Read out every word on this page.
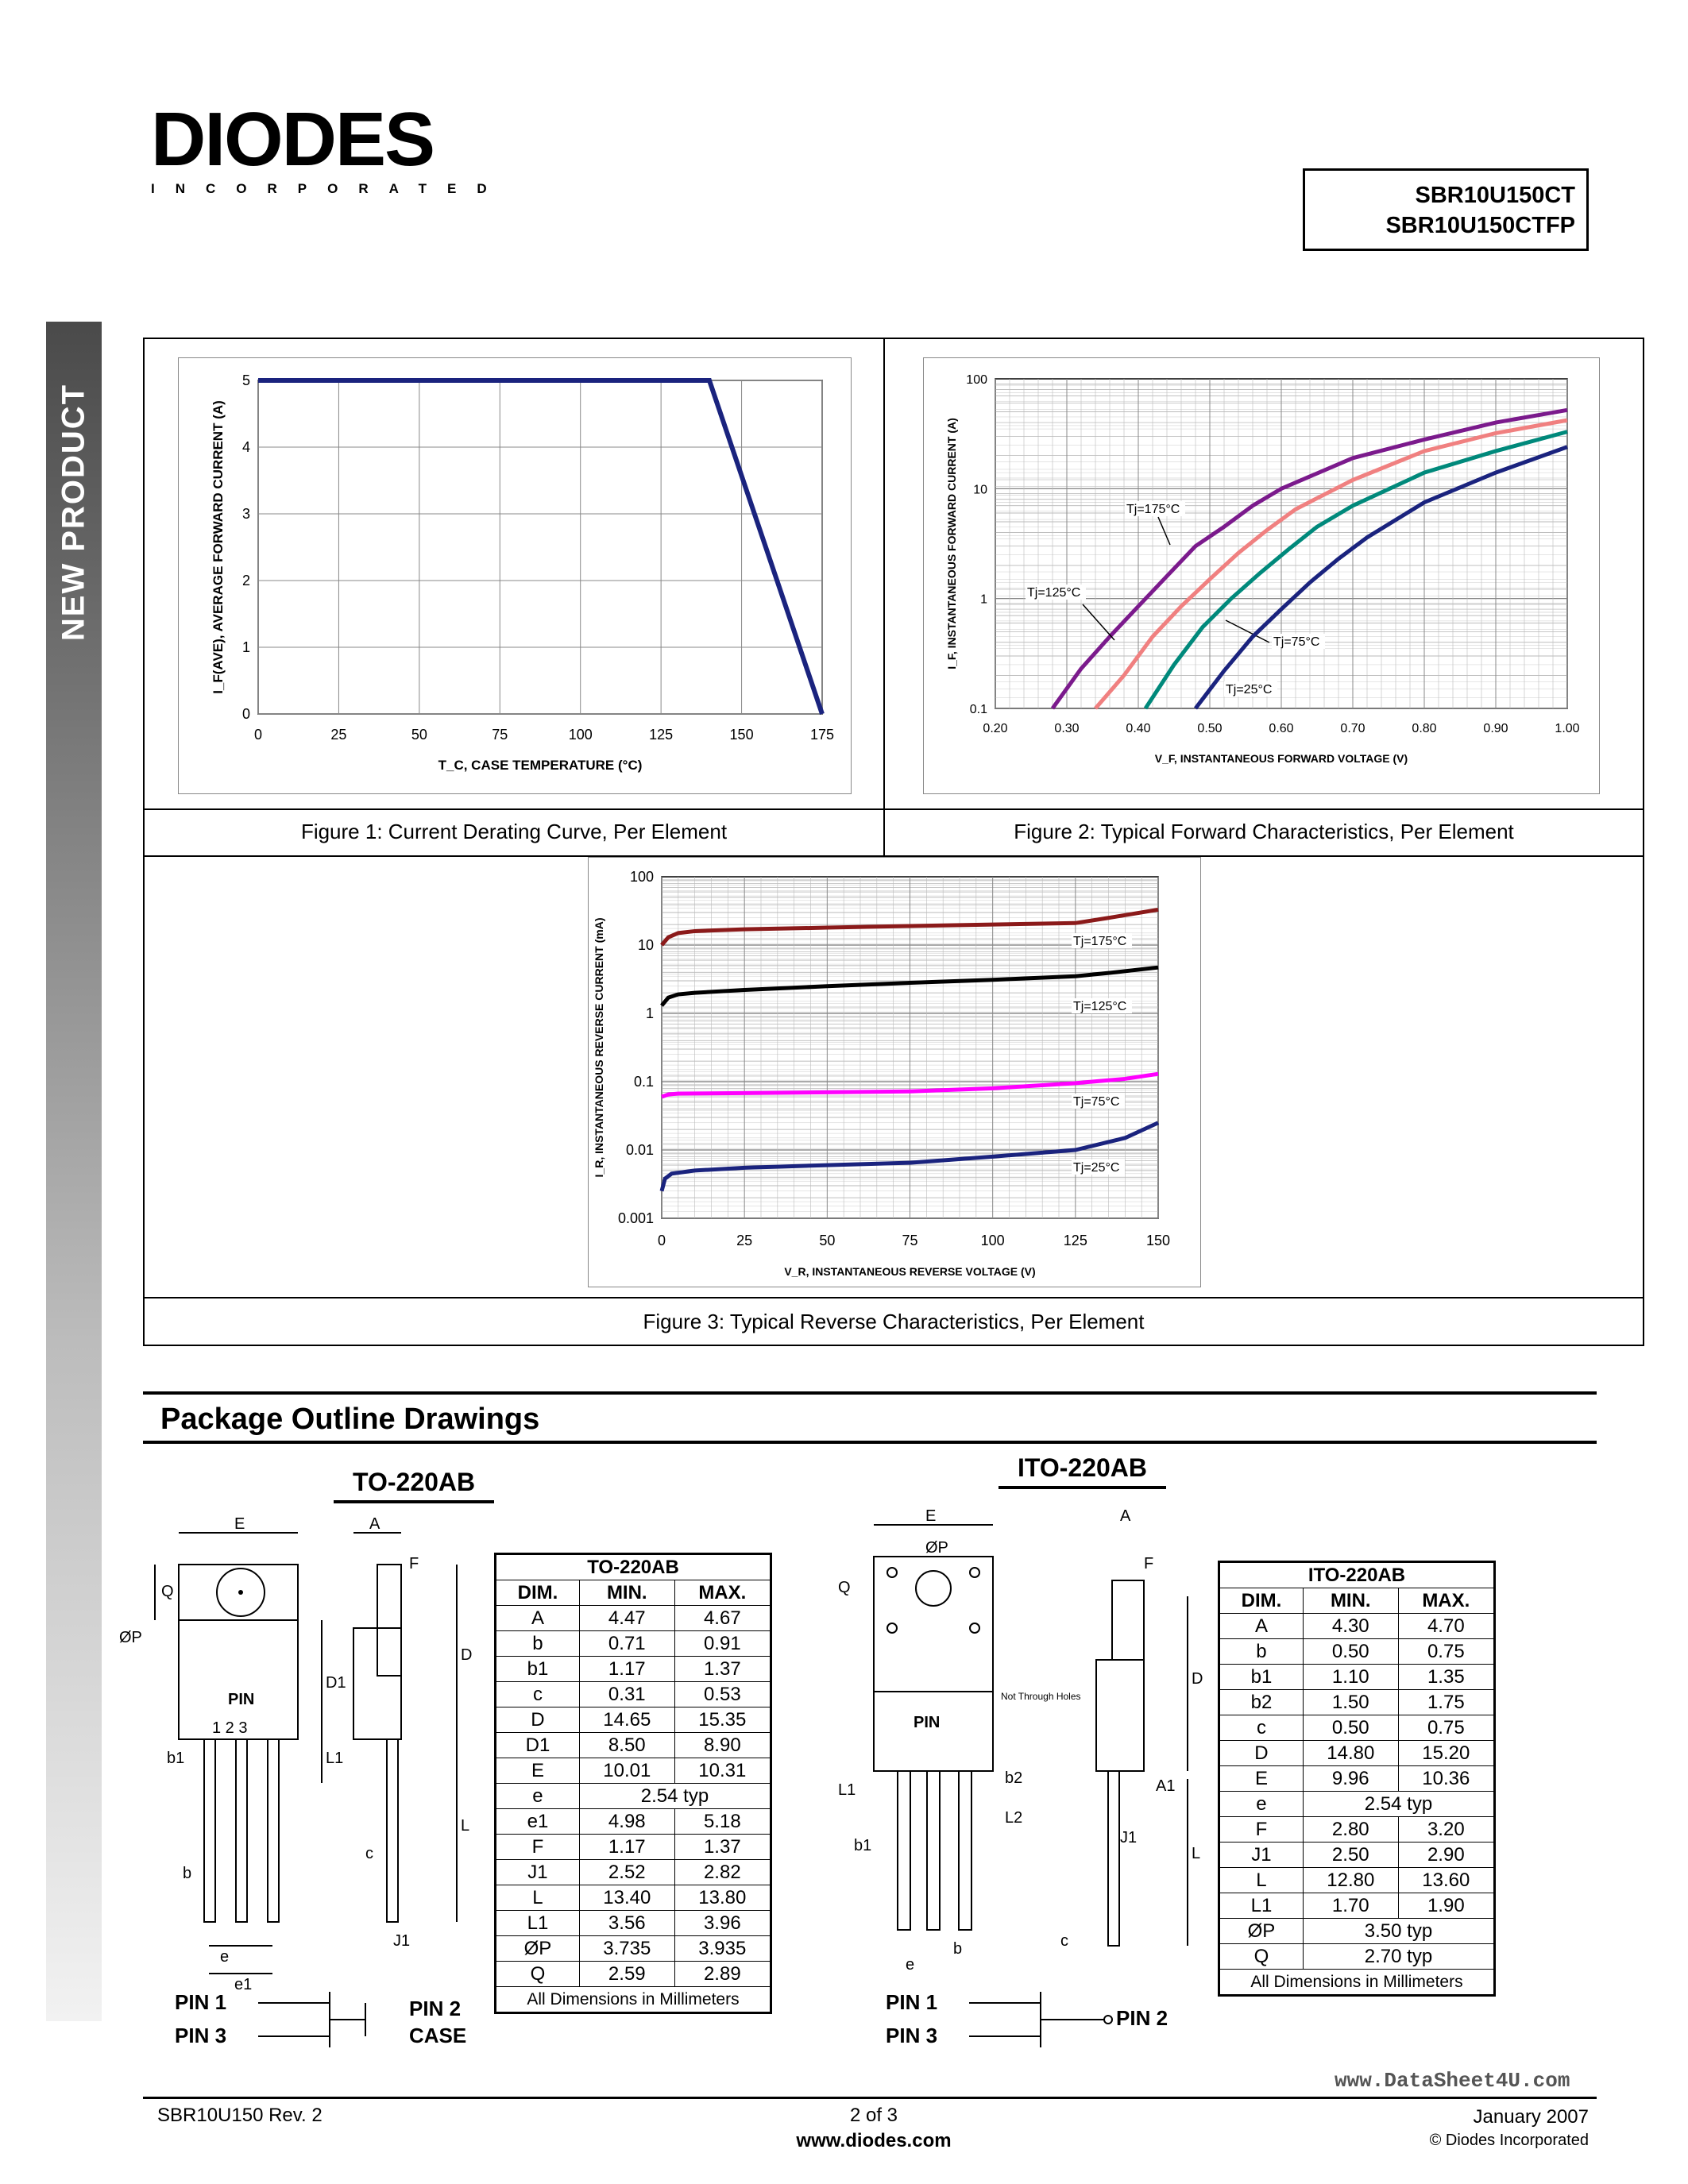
DIODES
INCORPORATED	SBR10U150CT
SBR10U150CTFP
NEW PRODUCT
0	25	50	75	100	125	150	175
0
1
2
3
4
5
T_C, CASE TEMPERATURE (°C)
I_F(AVE), AVERAGE FORWARD CURRENT (A)
0.20	0.30	0.40	0.50	0.60	0.70	0.80	0.90	1.00
0.1
1
10
100
V_F, INSTANTANEOUS FORWARD VOLTAGE (V)
I_F, INSTANTANEOUS FORWARD CURRENT (A)	Tj=175°C
Tj=125°C
Tj=75°C
Tj=25°C
0	25	50	75	100	125	150
0.001
0.01
0.1
1
10
100
V_R, INSTANTANEOUS REVERSE VOLTAGE (V)
I_R, INSTANTANEOUS REVERSE CURRENT (mA)	Tj=175°C
Tj=125°C
Tj=75°C
Tj=25°C
Figure 1: Current Derating Curve, Per Element	Figure 2: Typical Forward Characteristics, Per Element
Figure 3: Typical Reverse Characteristics, Per Element
Package Outline Drawings
TO-220AB	ITO-220AB
E
Q
ØP
PIN
1 2 3
D1
L1
b1
b
e
e1
A
F
D
L
c
J1
PIN 1
PIN 3
PIN 2
CASE
TO-220AB		
DIM.	MIN.	MAX.
A	4.47	4.67
b	0.71	0.91
b1	1.17	1.37
c	0.31	0.53
D	14.65	15.35
D1	8.50	8.90
E	10.01	10.31
e	2.54 typ	
e1	4.98	5.18
F	1.17	1.37
J1	2.52	2.82
L	13.40	13.80
L1	3.56	3.96
ØP	3.735	3.935
Q	2.59	2.89
All Dimensions in Millimeters		
E
ØP
Q
PIN
Not Through Holes
L1
b2
L2
b1
b
e
A
F
D
A1
L
J1
c
PIN 1
PIN 3
PIN 2
ITO-220AB		
DIM.	MIN.	MAX.
A	4.30	4.70
b	0.50	0.75
b1	1.10	1.35
b2	1.50	1.75
c	0.50	0.75
D	14.80	15.20
E	9.96	10.36
e	2.54 typ	
F	2.80	3.20
J1	2.50	2.90
L	12.80	13.60
L1	1.70	1.90
ØP	3.50 typ	
Q	2.70 typ	
All Dimensions in Millimeters		
www.DataSheet4U.com
SBR10U150 Rev. 2	2 of 3
www.diodes.com
January 2007
© Diodes Incorporated
